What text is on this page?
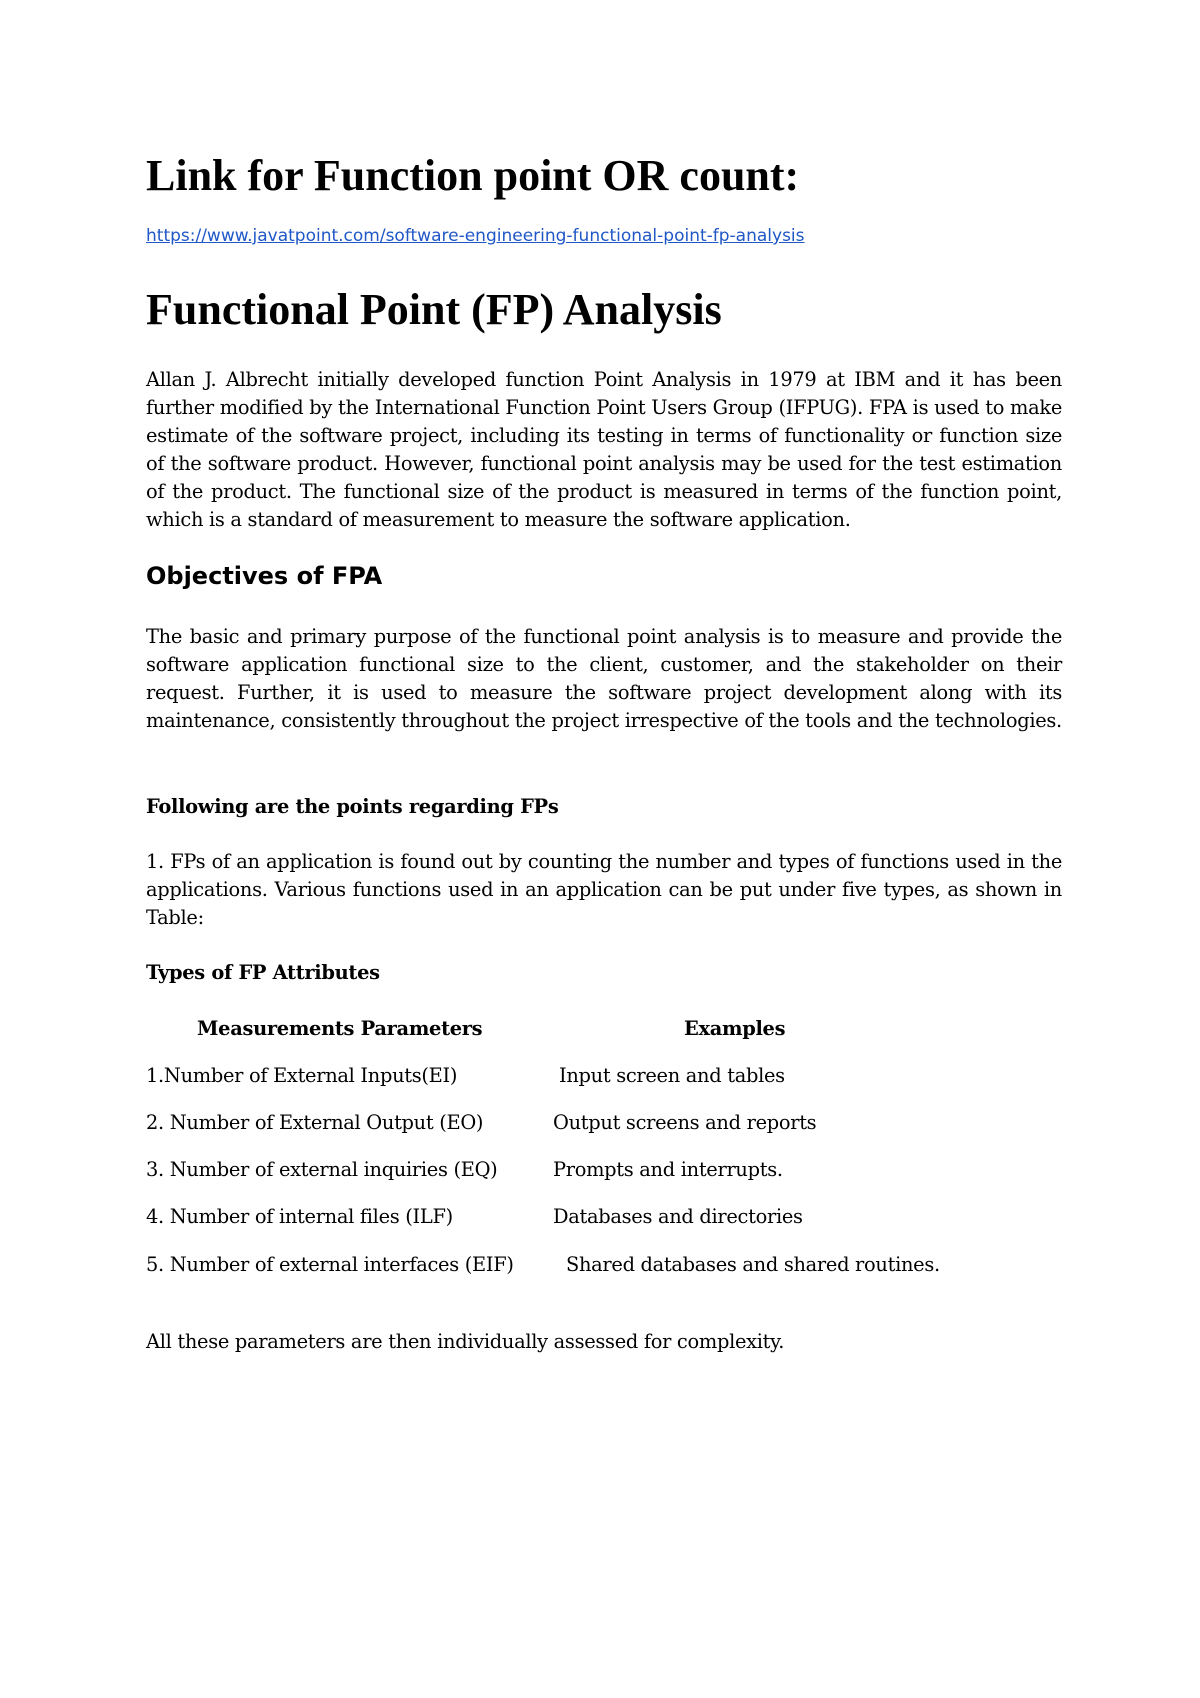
Link for Function point OR count:
https://www.javatpoint.com/software-engineering-functional-point-fp-analysis
Functional Point (FP) Analysis

Allan J. Albrecht initially developed function Point Analysis in 1979 at IBM and it has been further modified by the International Function Point Users Group (IFPUG). FPA is used to make estimate of the software project, including its testing in terms of functionality or function size of the software product. However, functional point analysis may be used for the test estimation of the product. The functional size of the product is measured in terms of the function point, which is a standard of measurement to measure the software application.

Objectives of FPA

The basic and primary purpose of the functional point analysis is to measure and provide the software application functional size to the client, customer, and the stakeholder on their request. Further, it is used to measure the software project development along with its maintenance, consistently throughout the project irrespective of the tools and the technologies.

Following are the points regarding FPs

1. FPs of an application is found out by counting the number and types of functions used in the applications. Various functions used in an application can be put under five types, as shown in Table:

Types of FP Attributes

Measurements Parameters	Examples
1.Number of External Inputs(EI)	Input screen and tables
2. Number of External Output (EO)	Output screens and reports
3. Number of external inquiries (EQ)	Prompts and interrupts.
4. Number of internal files (ILF)	Databases and directories
5. Number of external interfaces (EIF)	Shared databases and shared routines.

All these parameters are then individually assessed for complexity.
